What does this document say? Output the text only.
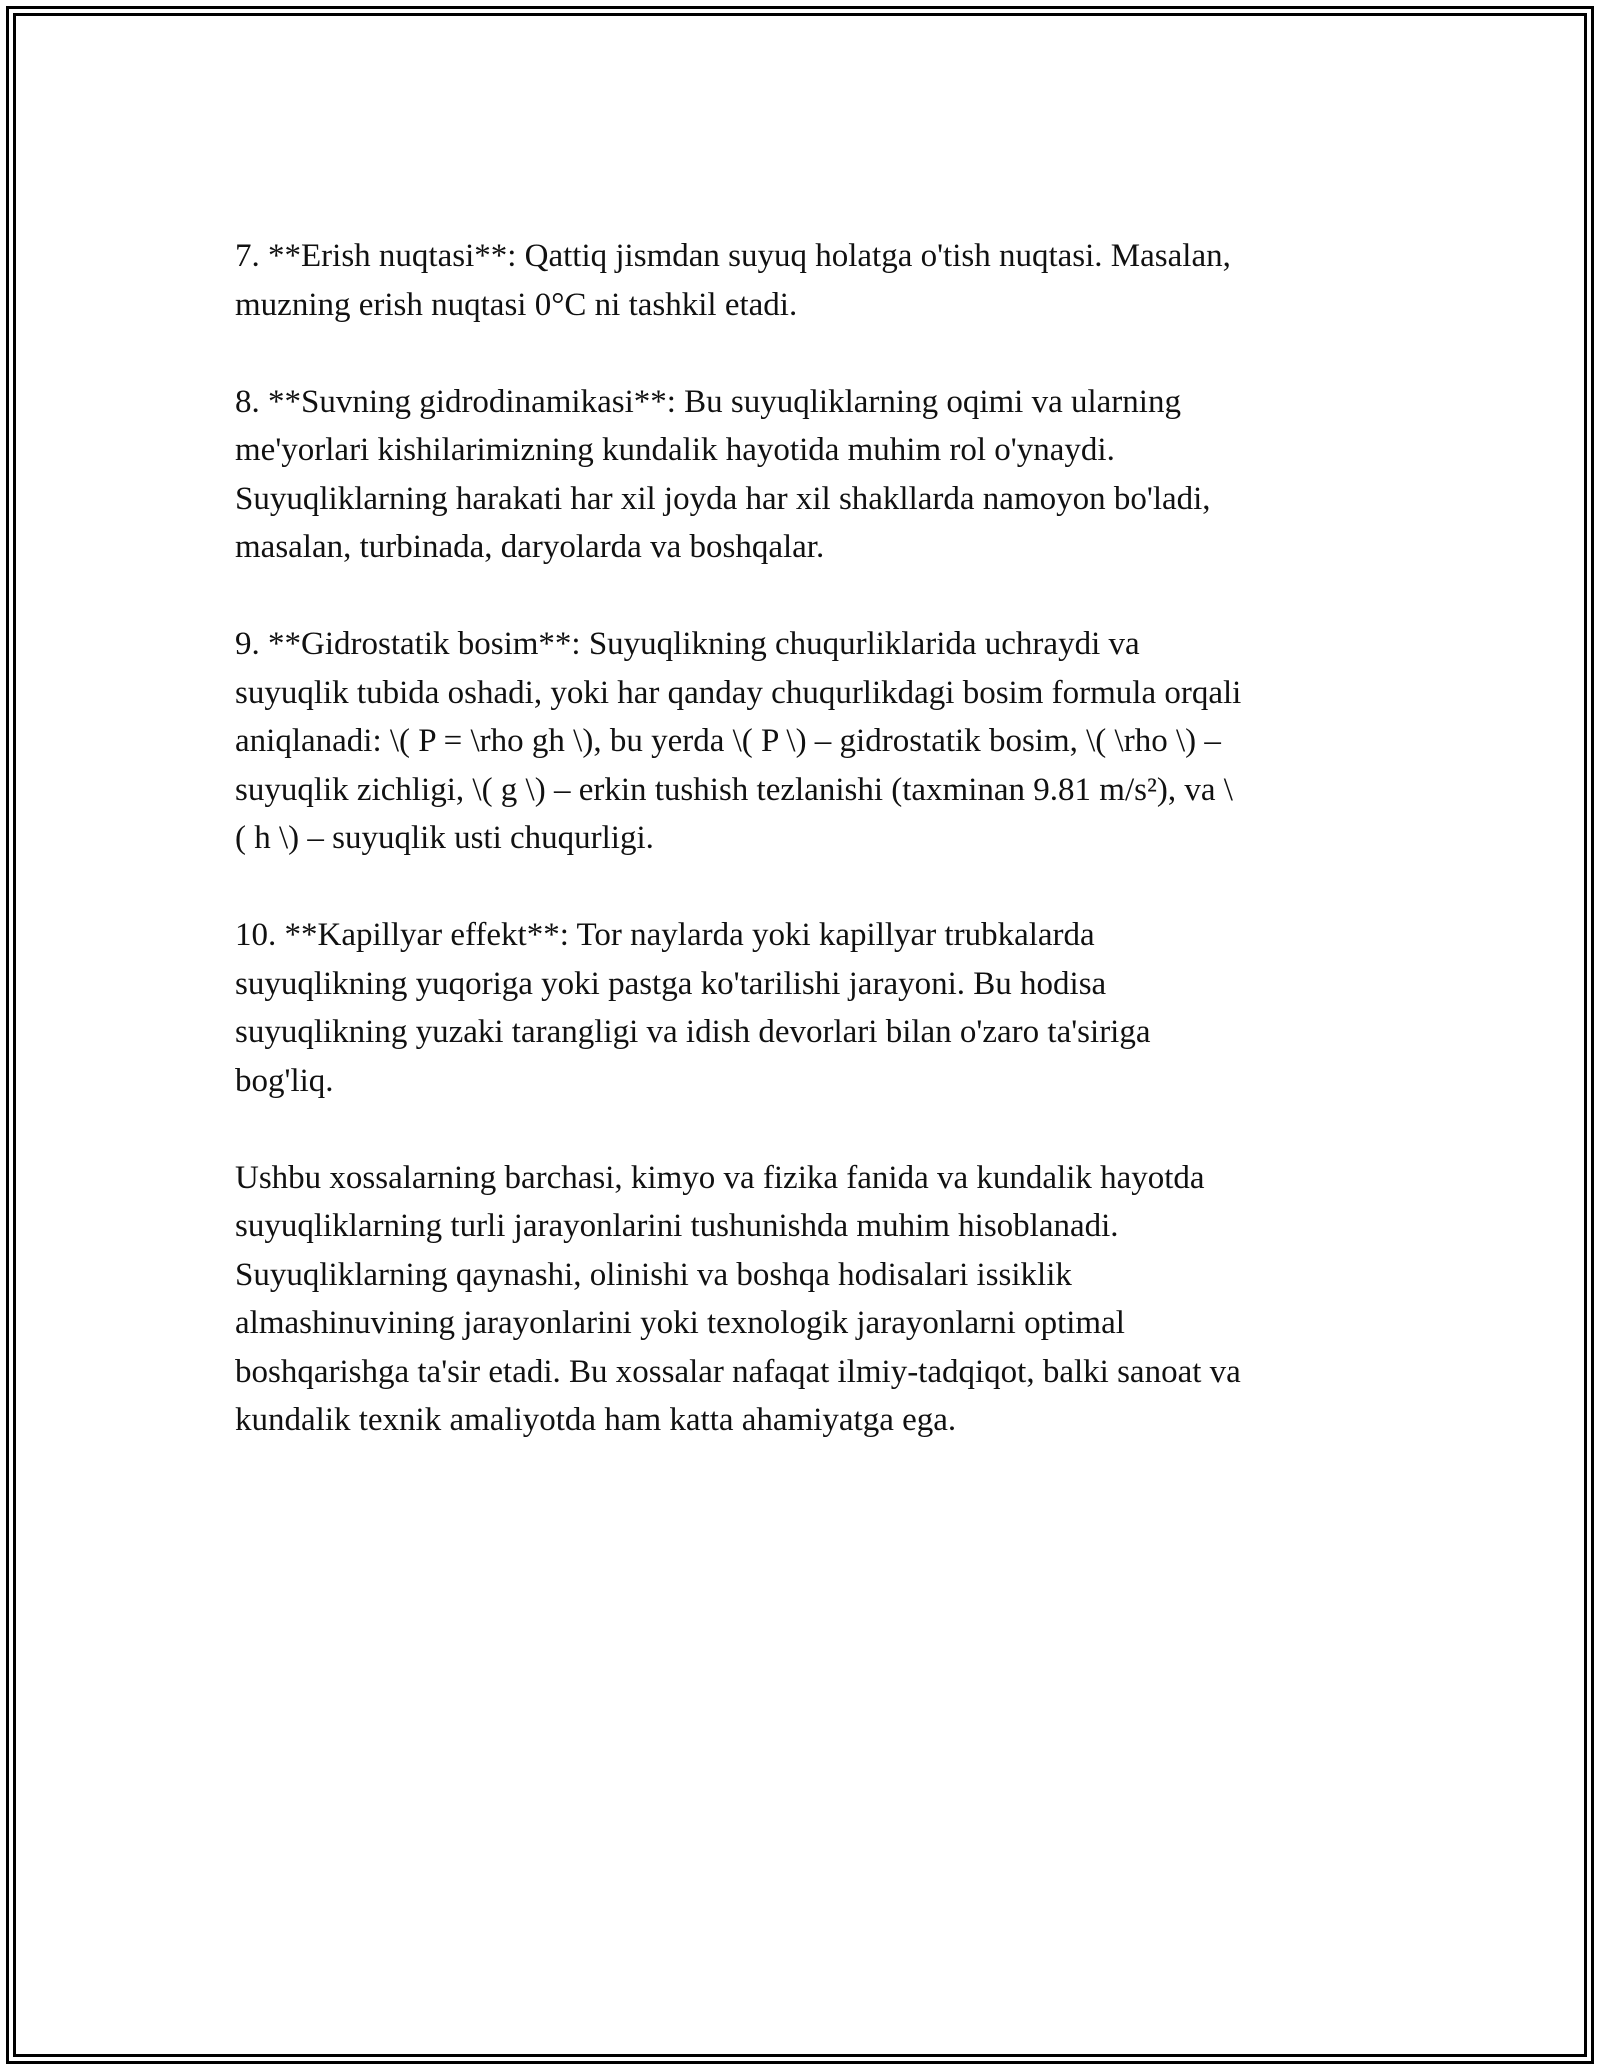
7. **Erish nuqtasi**: Qattiq jismdan suyuq holatga o'tish nuqtasi. Masalan,
muzning erish nuqtasi 0°C ni tashkil etadi.
8. **Suvning gidrodinamikasi**: Bu suyuqliklarning oqimi va ularning
me'yorlari kishilarimizning kundalik hayotida muhim rol o'ynaydi.
Suyuqliklarning harakati har xil joyda har xil shakllarda namoyon bo'ladi,
masalan, turbinada, daryolarda va boshqalar.
9. **Gidrostatik bosim**: Suyuqlikning chuqurliklarida uchraydi va
suyuqlik tubida oshadi, yoki har qanday chuqurlikdagi bosim formula orqali
aniqlanadi: \( P = \rho gh \), bu yerda \( P \) – gidrostatik bosim, \( \rho \) –
suyuqlik zichligi, \( g \) – erkin tushish tezlanishi (taxminan 9.81 m/s²), va \
( h \) – suyuqlik usti chuqurligi.
10. **Kapillyar effekt**: Tor naylarda yoki kapillyar trubkalarda
suyuqlikning yuqoriga yoki pastga ko'tarilishi jarayoni. Bu hodisa
suyuqlikning yuzaki tarangligi va idish devorlari bilan o'zaro ta'siriga
bog'liq.
Ushbu xossalarning barchasi, kimyo va fizika fanida va kundalik hayotda
suyuqliklarning turli jarayonlarini tushunishda muhim hisoblanadi.
Suyuqliklarning qaynashi, olinishi va boshqa hodisalari issiklik
almashinuvining jarayonlarini yoki texnologik jarayonlarni optimal
boshqarishga ta'sir etadi. Bu xossalar nafaqat ilmiy-tadqiqot, balki sanoat va
kundalik texnik amaliyotda ham katta ahamiyatga ega.
